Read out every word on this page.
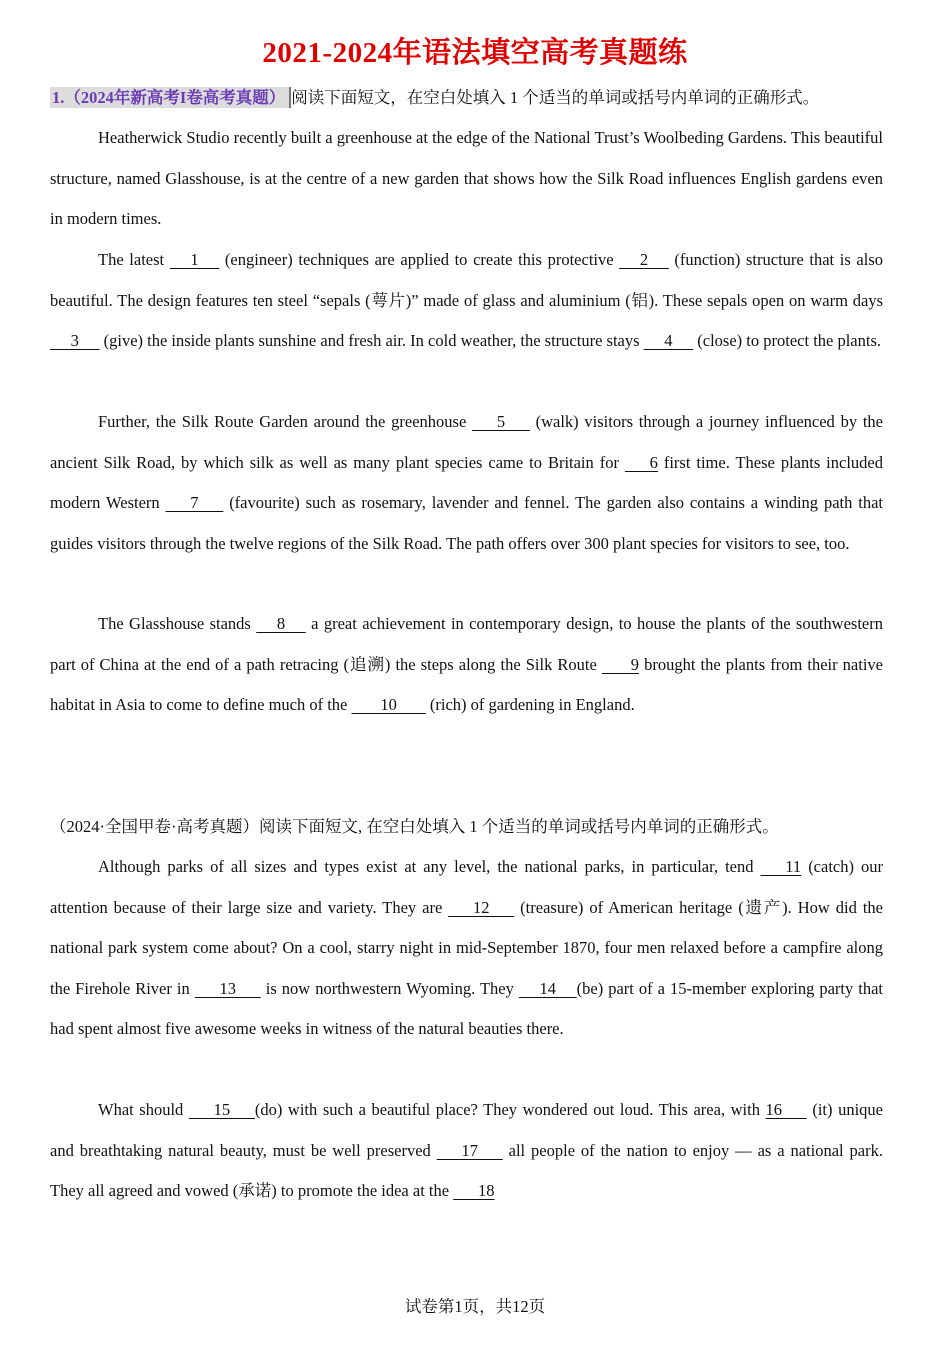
2021-2024年语法填空高考真题练
1.（2024年新高考I卷高考真题） 阅读下面短文，在空白处填入 1 个适当的单词或括号内单词的正确形式。

Heatherwick Studio recently built a greenhouse at the edge of the National Trust’s Woolbeding Gardens. This beautiful structure, named Glasshouse, is at the centre of a new garden that shows how the Silk Road influences English gardens even in modern times.

The latest      1      (engineer) techniques are applied to create this protective      2      (function) structure that is also beautiful. The design features ten steel “sepals (萼片)” made of glass and aluminium (铝). These sepals open on warm days      3      (give) the inside plants sunshine and fresh air. In cold weather, the structure stays      4      (close) to protect the plants.

Further, the Silk Route Garden around the greenhouse       5       (walk) visitors through a journey influenced by the ancient Silk Road, by which silk as well as many plant species came to Britain for       6 first time. These plants included modern Western       7       (favourite) such as rosemary, lavender and fennel. The garden also contains a winding path that guides visitors through the twelve regions of the Silk Road. The path offers over 300 plant species for visitors to see, too.

The Glasshouse stands      8      a great achievement in contemporary design, to house the plants of the southwestern part of China at the end of a path retracing (追溯) the steps along the Silk Route        9 brought the plants from their native habitat in Asia to come to define much of the        10        (rich) of gardening in England.

（2024·全国甲卷·高考真题）阅读下面短文, 在空白处填入 1 个适当的单词或括号内单词的正确形式。

Although parks of all sizes and types exist at any level, the national parks, in particular, tend       11 (catch) our attention because of their large size and variety. They are       12       (treasure) of American heritage (遗产). How did the national park system come about? On a cool, starry night in mid-September 1870, four men relaxed before a campfire along the Firehole River in       13       is now northwestern Wyoming. They      14     (be) part of a 15-member exploring party that had spent almost five awesome weeks in witness of the natural beauties there.

What should       15      (do) with such a beautiful place? They wondered out loud. This area, with 16       (it) unique and breathtaking natural beauty, must be well preserved       17       all people of the nation to enjoy — as a national park. They all agreed and vowed (承诺) to promote the idea at the       18

试卷第1页，共12页
